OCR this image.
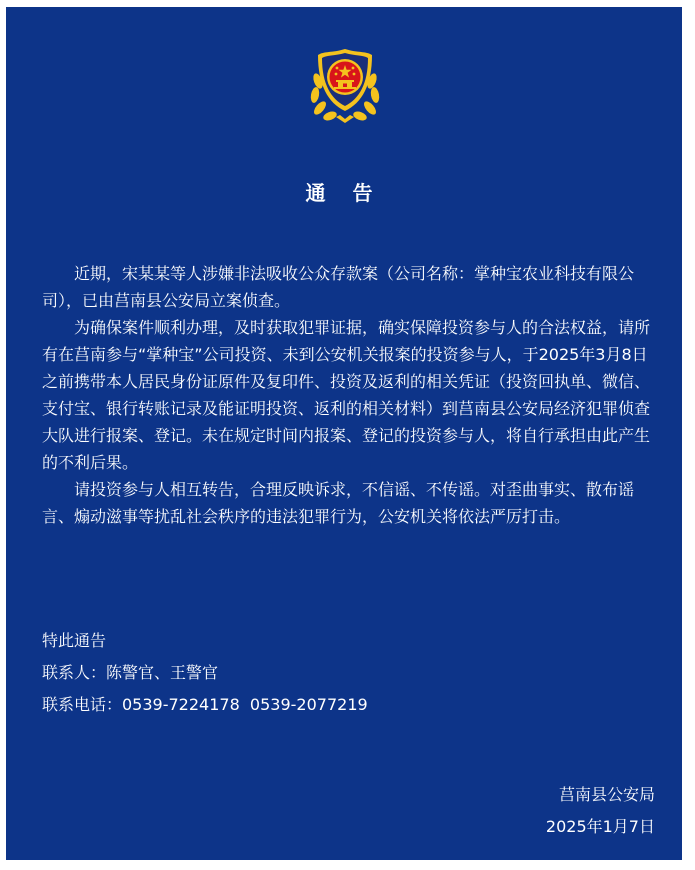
通 告

近期，宋某某等人涉嫌非法吸收公众存款案（公司名称：掌种宝农业科技有限公司），已由莒南县公安局立案侦查。

为确保案件顺利办理，及时获取犯罪证据，确实保障投资参与人的合法权益，请所有在莒南参与“掌种宝”公司投资、未到公安机关报案的投资参与人，于2025年3月8日之前携带本人居民身份证原件及复印件、投资及返利的相关凭证（投资回执单、微信、支付宝、银行转账记录及能证明投资、返利的相关材料）到莒南县公安局经济犯罪侦查大队进行报案、登记。未在规定时间内报案、登记的投资参与人，将自行承担由此产生的不利后果。

请投资参与人相互转告，合理反映诉求，不信谣、不传谣。对歪曲事实、散布谣言、煽动滋事等扰乱社会秩序的违法犯罪行为，公安机关将依法严厉打击。

特此通告
联系人：陈警官、王警官
联系电话：0539-7224178  0539-2077219
莒南县公安局
2025年1月7日
